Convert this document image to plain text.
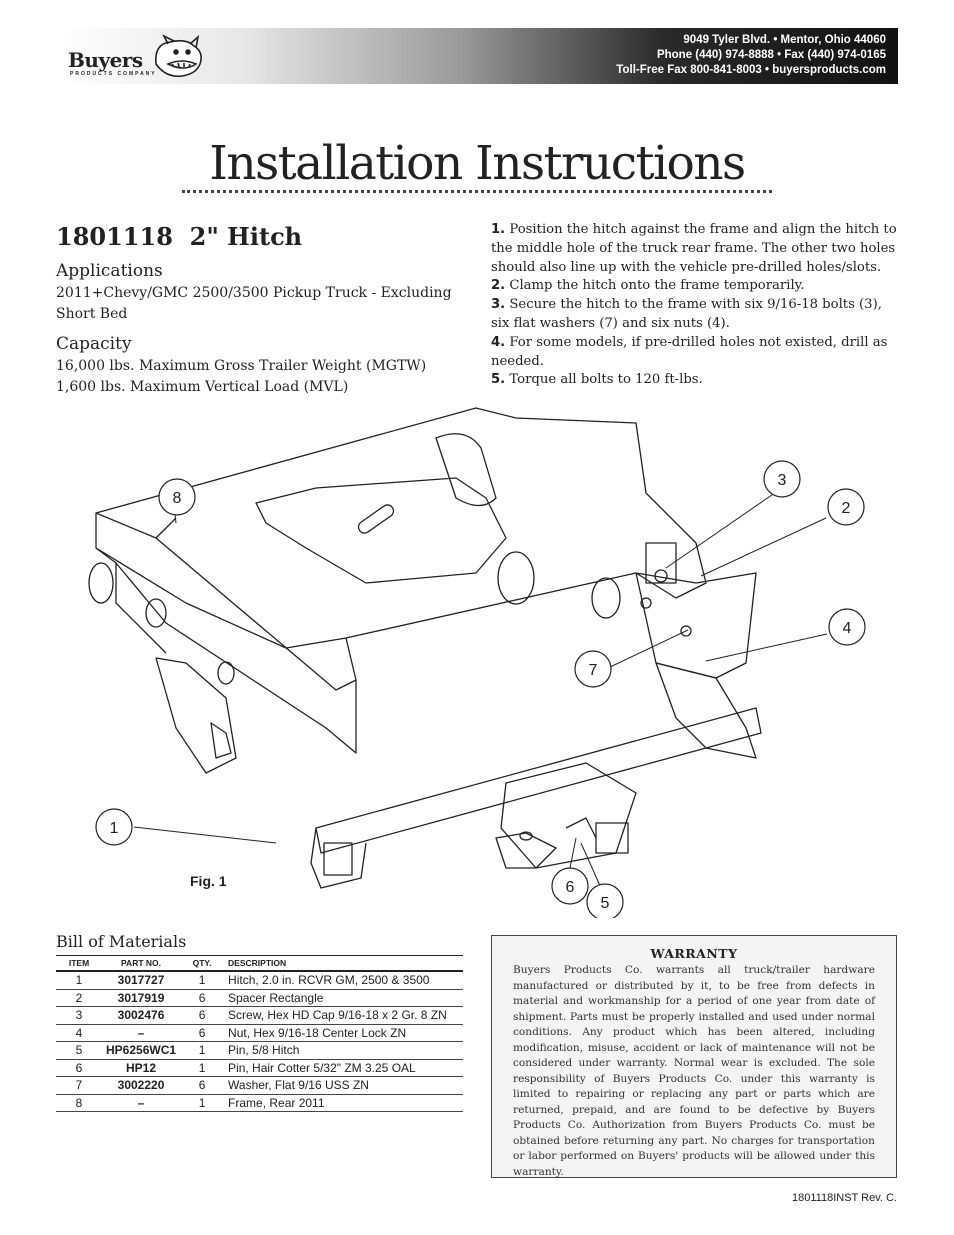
Buyers
PRODUCTS COMPANY
9049 Tyler Blvd. • Mentor, Ohio 44060
Phone (440) 974-8888 • Fax (440) 974-0165
Toll-Free Fax 800-841-8003 • buyersproducts.com
Installation Instructions
1801118 2" Hitch
Applications
2011+Chevy/GMC 2500/3500 Pickup Truck - Excluding
Short Bed
Capacity
16,000 lbs. Maximum Gross Trailer Weight (MGTW)
1,600 lbs. Maximum Vertical Load (MVL)
1. Position the hitch against the frame and align the hitch to the middle hole of the truck rear frame. The other two holes should also line up with the vehicle pre-drilled holes/slots.
2. Clamp the hitch onto the frame temporarily.
3. Secure the hitch to the frame with six 9/16-18 bolts (3), six flat washers (7) and six nuts (4).
4. For some models, if pre-drilled holes not existed, drill as needed.
5. Torque all bolts to 120 ft-lbs.
1
2
3
4
5
6
7
8
Fig. 1
Bill of Materials
ITEM	PART NO.	QTY.	DESCRIPTION
1	3017727	1	Hitch, 2.0 in. RCVR GM, 2500 & 3500
2	3017919	6	Spacer Rectangle
3	3002476	6	Screw, Hex HD Cap 9/16-18 x 2 Gr. 8 ZN
4	–	6	Nut, Hex 9/16-18 Center Lock ZN
5	HP6256WC1	1	Pin, 5/8 Hitch
6	HP12	1	Pin, Hair Cotter 5/32" ZM 3.25 OAL
7	3002220	6	Washer, Flat 9/16 USS ZN
8	–	1	Frame, Rear 2011
WARRANTY
Buyers Products Co. warrants all truck/trailer hardware manufactured or distributed by it, to be free from defects in material and workmanship for a period of one year from date of shipment. Parts must be properly installed and used under normal conditions. Any product which has been altered, including modification, misuse, accident or lack of maintenance will not be considered under warranty. Normal wear is excluded. The sole responsibility of Buyers Products Co. under this warranty is limited to repairing or replacing any part or parts which are returned, prepaid, and are found to be defective by Buyers Products Co. Authorization from Buyers Products Co. must be obtained before returning any part. No charges for transportation or labor performed on Buyers' products will be allowed under this warranty.
1801118INST Rev. C.
